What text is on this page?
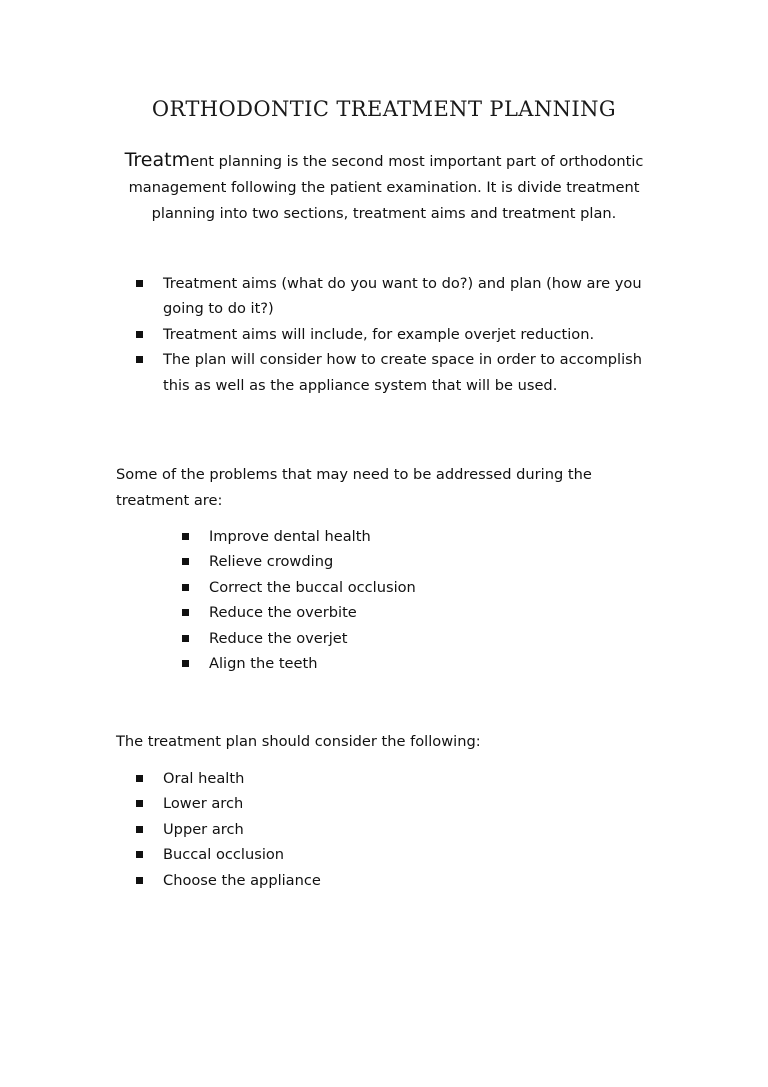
ORTHODONTIC TREATMENT PLANNING
Treatment planning is the second most important part of orthodontic management following the patient examination. It is divide treatment planning into two sections, treatment aims and treatment plan.
Treatment aims (what do you want to do?) and plan (how are you going to do it?)
Treatment aims will include, for example overjet reduction.
The plan will consider how to create space in order to accomplish this as well as the appliance system that will be used.
Some of the problems that may need to be addressed during the treatment are:
Improve dental health
Relieve crowding
Correct the buccal occlusion
Reduce the overbite
Reduce the overjet
Align the teeth
The treatment plan should consider the following:
Oral health
Lower arch
Upper arch
Buccal occlusion
Choose the appliance
